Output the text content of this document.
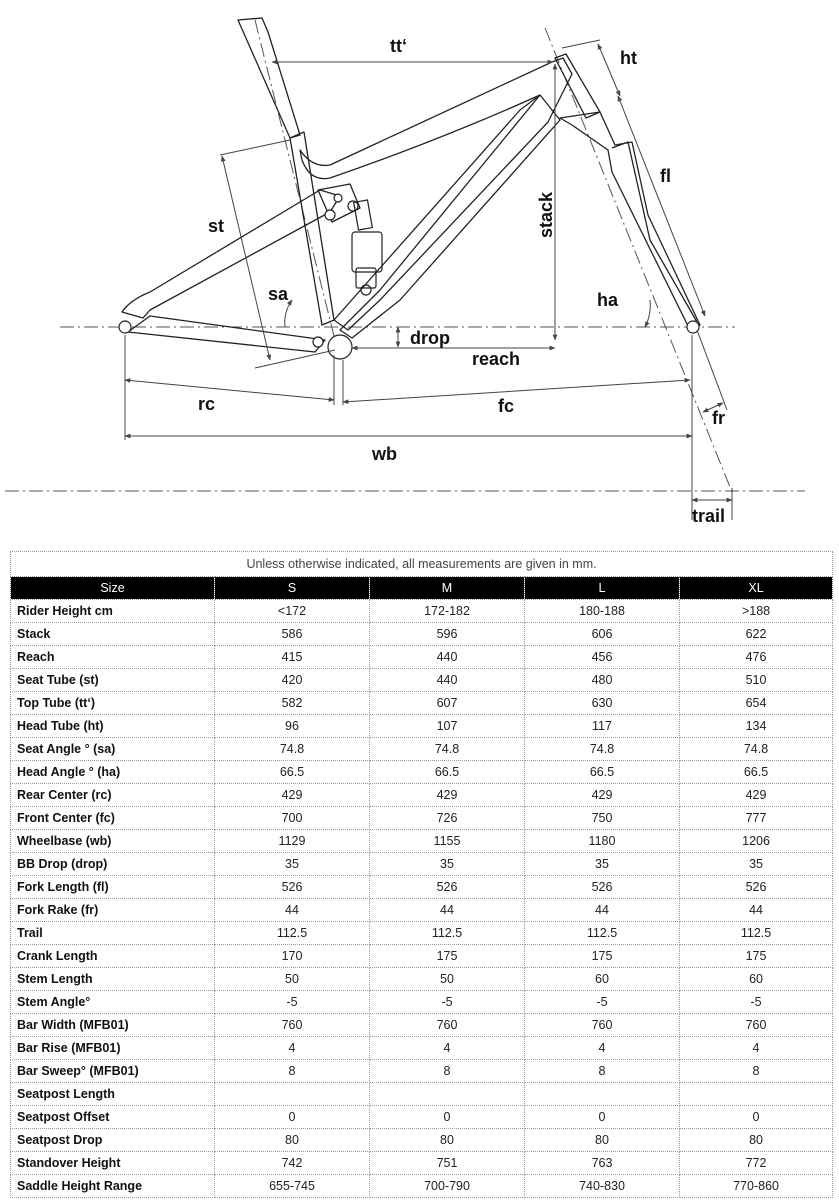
tt‘
ht
fl
stack
st
sa	ha
drop
reach
rc	fc
fr
wb
trail
Unless otherwise indicated, all measurements are given in mm.				
Size	S	M	L	XL
Rider Height cm	<172	172-182	180-188	>188
Stack	586	596	606	622
Reach	415	440	456	476
Seat Tube (st)	420	440	480	510
Top Tube (tt‘)	582	607	630	654
Head Tube (ht)	96	107	117	134
Seat Angle ° (sa)	74.8	74.8	74.8	74.8
Head Angle ° (ha)	66.5	66.5	66.5	66.5
Rear Center (rc)	429	429	429	429
Front Center (fc)	700	726	750	777
Wheelbase (wb)	1129	1155	1180	1206
BB Drop (drop)	35	35	35	35
Fork Length (fl)	526	526	526	526
Fork Rake (fr)	44	44	44	44
Trail	112.5	112.5	112.5	112.5
Crank Length	170	175	175	175
Stem Length	50	50	60	60
Stem Angle°	-5	-5	-5	-5
Bar Width (MFB01)	760	760	760	760
Bar Rise (MFB01)	4	4	4	4
Bar Sweep° (MFB01)	8	8	8	8
Seatpost Length				
Seatpost Offset	0	0	0	0
Seatpost Drop	80	80	80	80
Standover Height	742	751	763	772
Saddle Height Range	655-745	700-790	740-830	770-860
